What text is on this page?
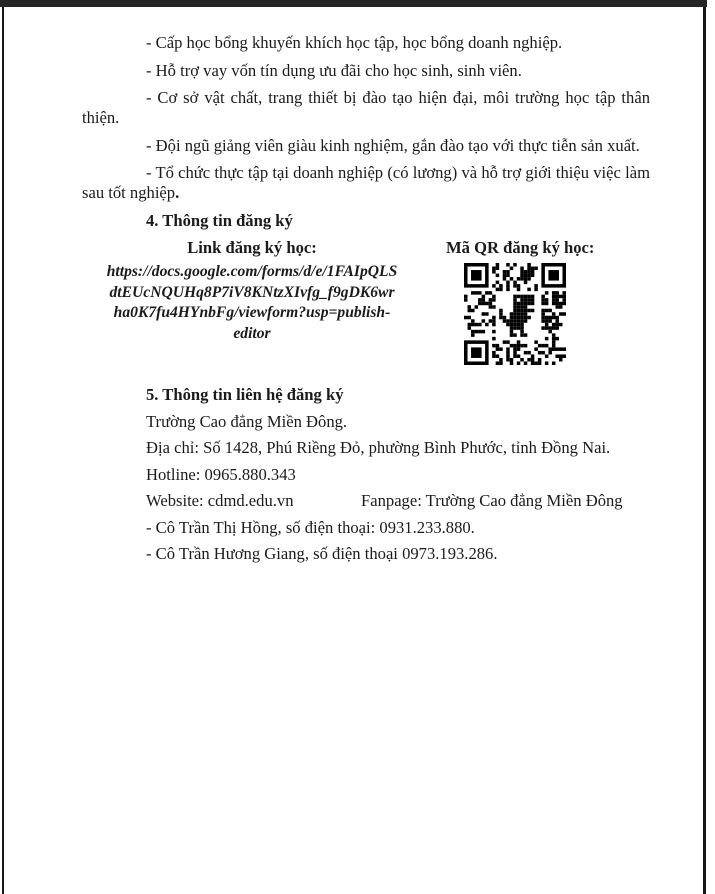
- Cấp học bổng khuyến khích học tập, học bổng doanh nghiệp.

- Hỗ trợ vay vốn tín dụng ưu đãi cho học sinh, sinh viên.

- Cơ sở vật chất, trang thiết bị đào tạo hiện đại, môi trường học tập thân thiện.

- Đội ngũ giảng viên giàu kinh nghiệm, gắn đào tạo với thực tiễn sản xuất.

- Tổ chức thực tập tại doanh nghiệp (có lương) và hỗ trợ giới thiệu việc làm sau tốt nghiệp.

4. Thông tin đăng ký

Link đăng ký học:
https://docs.google.com/forms/d/e/1FAIpQLS
dtEUcNQUHq8P7iV8KNtzXIvfg_f9gDK6wr
ha0K7fu4HYnbFg/viewform?usp=publish-
editor
Mã QR đăng ký học:

5. Thông tin liên hệ đăng ký

Trường Cao đẳng Miền Đông.

Địa chỉ: Số 1428, Phú Riềng Đỏ, phường Bình Phước, tỉnh Đồng Nai.

Hotline: 0965.880.343

Website: cdmd.edu.vn	Fanpage: Trường Cao đẳng Miền Đông

- Cô Trần Thị Hồng, số điện thoại: 0931.233.880.

- Cô Trần Hương Giang, số điện thoại 0973.193.286.
